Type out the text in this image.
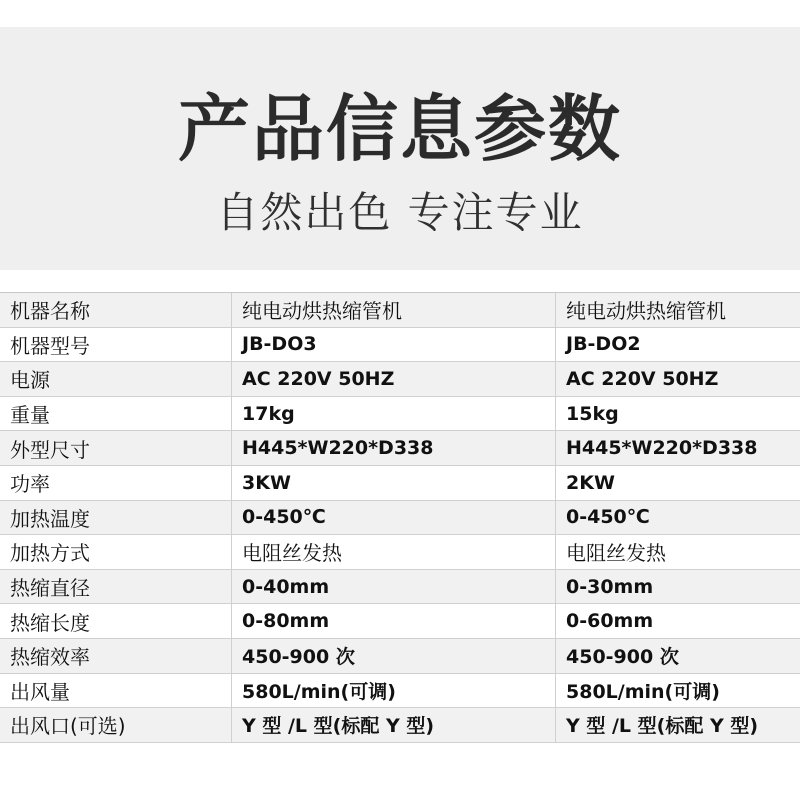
产品信息参数
自然出色 专注专业
机器名称	纯电动烘热缩管机	纯电动烘热缩管机
机器型号	JB-DO3	JB-DO2
电源	AC 220V 50HZ	AC 220V 50HZ
重量	17kg	15kg
外型尺寸	H445*W220*D338	H445*W220*D338
功率	3KW	2KW
加热温度	0-450℃	0-450℃
加热方式	电阻丝发热	电阻丝发热
热缩直径	0-40mm	0-30mm
热缩长度	0-80mm	0-60mm
热缩效率	450-900 次	450-900 次
出风量	580L/min(可调)	580L/min(可调)
出风口(可选)	Y 型 /L 型(标配 Y 型)	Y 型 /L 型(标配 Y 型)
